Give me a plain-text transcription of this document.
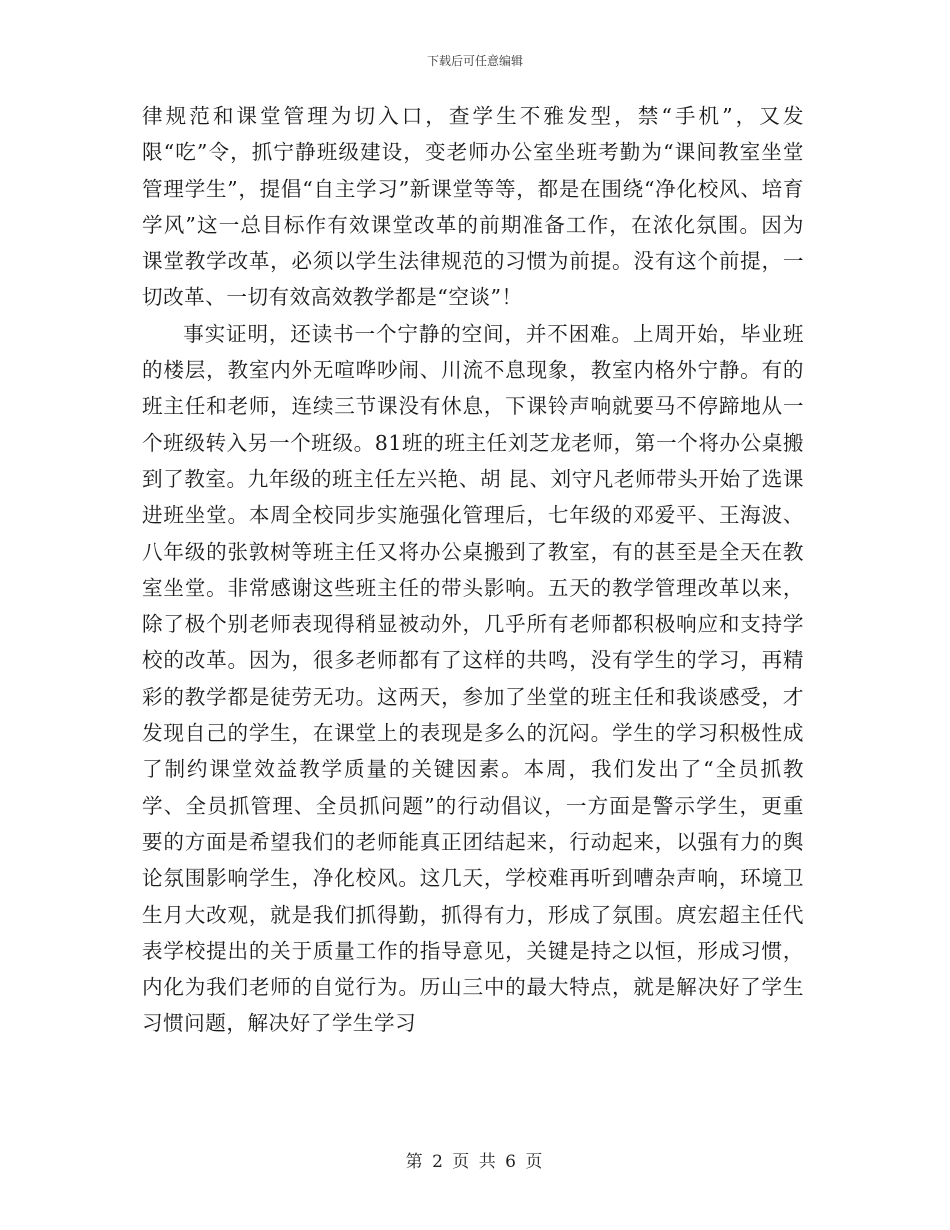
下载后可任意编辑

律规范和课堂管理为切入口，查学生不雅发型，禁“手机”，又发限“吃”令，抓宁静班级建设，变老师办公室坐班考勤为“课间教室坐堂管理学生”，提倡“自主学习”新课堂等等，都是在围绕“净化校风、培育学风”这一总目标作有效课堂改革的前期准备工作，在浓化氛围。因为课堂教学改革，必须以学生法律规范的习惯为前提。没有这个前提，一切改革、一切有效高效教学都是“空谈”！

事实证明，还读书一个宁静的空间，并不困难。上周开始，毕业班的楼层，教室内外无喧哗吵闹、川流不息现象，教室内格外宁静。有的班主任和老师，连续三节课没有休息，下课铃声响就要马不停蹄地从一个班级转入另一个班级。81班的班主任刘芝龙老师，第一个将办公桌搬到了教室。九年级的班主任左兴艳、胡 昆、刘守凡老师带头开始了选课进班坐堂。本周全校同步实施强化管理后，七年级的邓爱平、王海波、八年级的张敦树等班主任又将办公桌搬到了教室，有的甚至是全天在教室坐堂。非常感谢这些班主任的带头影响。五天的教学管理改革以来，除了极个别老师表现得稍显被动外，几乎所有老师都积极响应和支持学校的改革。因为，很多老师都有了这样的共鸣，没有学生的学习，再精彩的教学都是徒劳无功。这两天，参加了坐堂的班主任和我谈感受，才发现自己的学生，在课堂上的表现是多么的沉闷。学生的学习积极性成了制约课堂效益教学质量的关键因素。本周，我们发出了“全员抓教学、全员抓管理、全员抓问题”的行动倡议，一方面是警示学生，更重要的方面是希望我们的老师能真正团结起来，行动起来，以强有力的舆论氛围影响学生，净化校风。这几天，学校难再听到嘈杂声响，环境卫生月大改观，就是我们抓得勤，抓得有力，形成了氛围。庹宏超主任代表学校提出的关于质量工作的指导意见，关键是持之以恒，形成习惯，内化为我们老师的自觉行为。历山三中的最大特点，就是解决好了学生习惯问题，解决好了学生学习

第 2 页 共 6 页
